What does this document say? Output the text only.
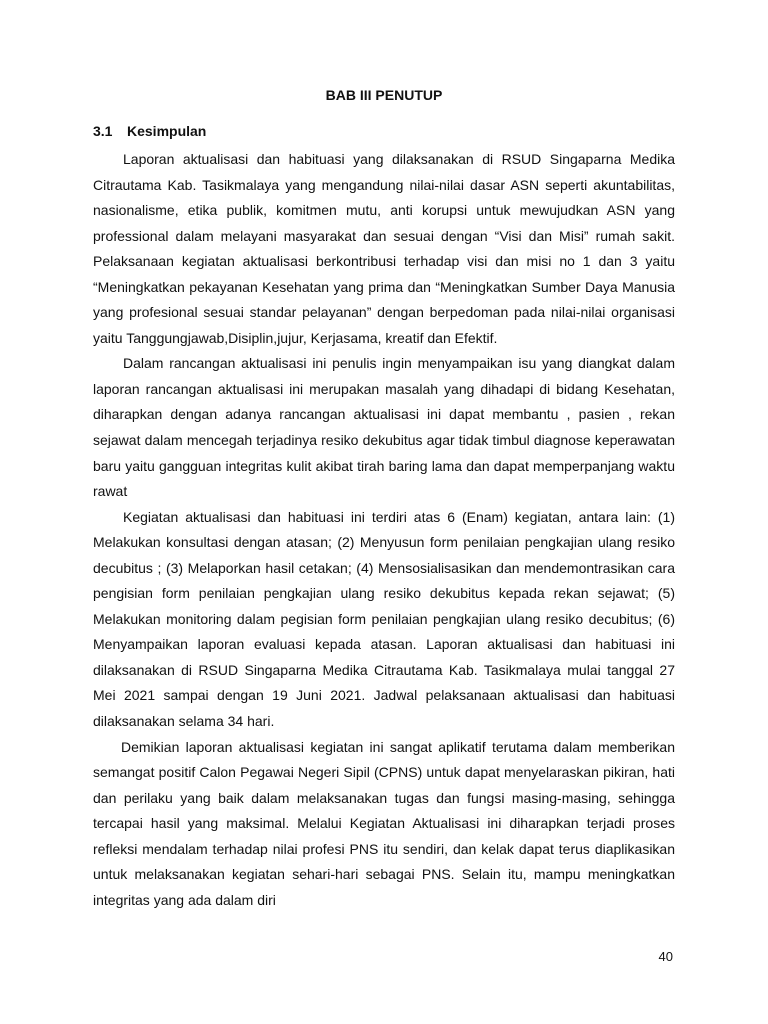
BAB III PENUTUP
3.1 Kesimpulan

Laporan aktualisasi dan habituasi yang dilaksanakan di RSUD Singaparna Medika Citrautama Kab. Tasikmalaya yang mengandung nilai-nilai dasar ASN seperti akuntabilitas, nasionalisme, etika publik, komitmen mutu, anti korupsi untuk mewujudkan ASN yang professional dalam melayani masyarakat dan sesuai dengan “Visi dan Misi” rumah sakit. Pelaksanaan kegiatan aktualisasi berkontribusi terhadap visi dan misi no 1 dan 3 yaitu “Meningkatkan pekayanan Kesehatan yang prima dan “Meningkatkan Sumber Daya Manusia yang profesional sesuai standar pelayanan” dengan berpedoman pada nilai-nilai organisasi yaitu Tanggungjawab,Disiplin,jujur, Kerjasama, kreatif dan Efektif.

Dalam rancangan aktualisasi ini penulis ingin menyampaikan isu yang diangkat dalam laporan rancangan aktualisasi ini merupakan masalah yang dihadapi di bidang Kesehatan, diharapkan dengan adanya rancangan aktualisasi ini dapat membantu , pasien , rekan sejawat dalam mencegah terjadinya resiko dekubitus agar tidak timbul diagnose keperawatan baru yaitu gangguan integritas kulit akibat tirah baring lama dan dapat memperpanjang waktu rawat

Kegiatan aktualisasi dan habituasi ini terdiri atas 6 (Enam) kegiatan, antara lain: (1) Melakukan konsultasi dengan atasan; (2) Menyusun form penilaian pengkajian ulang resiko decubitus ; (3) Melaporkan hasil cetakan; (4) Mensosialisasikan dan mendemontrasikan cara pengisian form penilaian pengkajian ulang resiko dekubitus kepada rekan sejawat; (5) Melakukan monitoring dalam pegisian form penilaian pengkajian ulang resiko decubitus; (6) Menyampaikan laporan evaluasi kepada atasan. Laporan aktualisasi dan habituasi ini dilaksanakan di RSUD Singaparna Medika Citrautama Kab. Tasikmalaya mulai tanggal 27 Mei 2021 sampai dengan 19 Juni 2021. Jadwal pelaksanaan aktualisasi dan habituasi dilaksanakan selama 34 hari.

Demikian laporan aktualisasi kegiatan ini sangat aplikatif terutama dalam memberikan semangat positif Calon Pegawai Negeri Sipil (CPNS) untuk dapat menyelaraskan pikiran, hati dan perilaku yang baik dalam melaksanakan tugas dan fungsi masing-masing, sehingga tercapai hasil yang maksimal. Melalui Kegiatan Aktualisasi ini diharapkan terjadi proses refleksi mendalam terhadap nilai profesi PNS itu sendiri, dan kelak dapat terus diaplikasikan untuk melaksanakan kegiatan sehari-hari sebagai PNS. Selain itu, mampu meningkatkan integritas yang ada dalam diri

40
